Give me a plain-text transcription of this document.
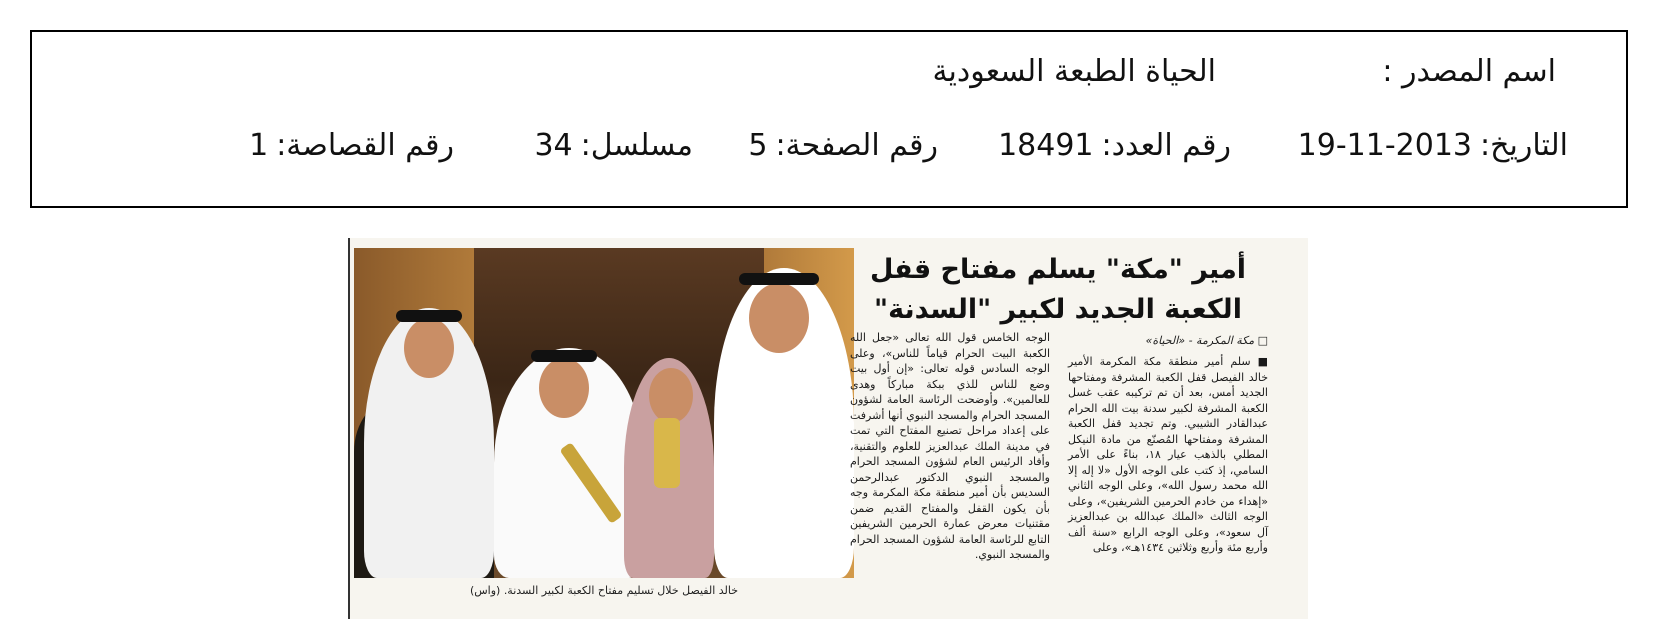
اسم المصدر :
الحياة الطبعة السعودية
التاريخ:2013-11-19
رقم العدد:18491
رقم الصفحة:5
مسلسل:34
رقم القصاصة:1
خالد الفيصل خلال تسليم مفتاح الكعبة لكبير السدنة. (واس)
أمير "مكة" يسلم مفتاح قفل
الكعبة الجديد لكبير "السدنة"
□ مكة المكرمة - «الحياة»
■ سلم أمير منطقة مكة المكرمة الأمير خالد الفيصل قفل الكعبة المشرفة ومفتاحها الجديد أمس، بعد أن تم تركيبه عقب غسل الكعبة المشرفة لكبير سدنة بيت الله الحرام عبدالقادر الشيبي. وتم تجديد قفل الكعبة المشرفة ومفتاحها المُصنّع من مادة النيكل المطلي بالذهب عيار ١٨، بناءً على الأمر السامي، إذ كتب على الوجه الأول «لا إله إلا الله محمد رسول الله»، وعلى الوجه الثاني «إهداء من خادم الحرمين الشريفين»، وعلى الوجه الثالث «الملك عبدالله بن عبدالعزيز آل سعود»، وعلى الوجه الرابع «سنة ألف وأربع مئة وأربع وثلاثين ١٤٣٤هـ»، وعلى
الوجه الخامس قول الله تعالى «جعل الله الكعبة البيت الحرام قياماً للناس»، وعلى الوجه السادس قوله تعالى: «إن أول بيت وضع للناس للذي ببكة مباركاً وهدى للعالمين». وأوضحت الرئاسة العامة لشؤون المسجد الحرام والمسجد النبوي أنها أشرفت على إعداد مراحل تصنيع المفتاح التي تمت في مدينة الملك عبدالعزيز للعلوم والتقنية، وأفاد الرئيس العام لشؤون المسجد الحرام والمسجد النبوي الدكتور عبدالرحمن السديس بأن أمير منطقة مكة المكرمة وجه بأن يكون القفل والمفتاح القديم ضمن مقتنيات معرض عمارة الحرمين الشريفين التابع للرئاسة العامة لشؤون المسجد الحرام والمسجد النبوي.
